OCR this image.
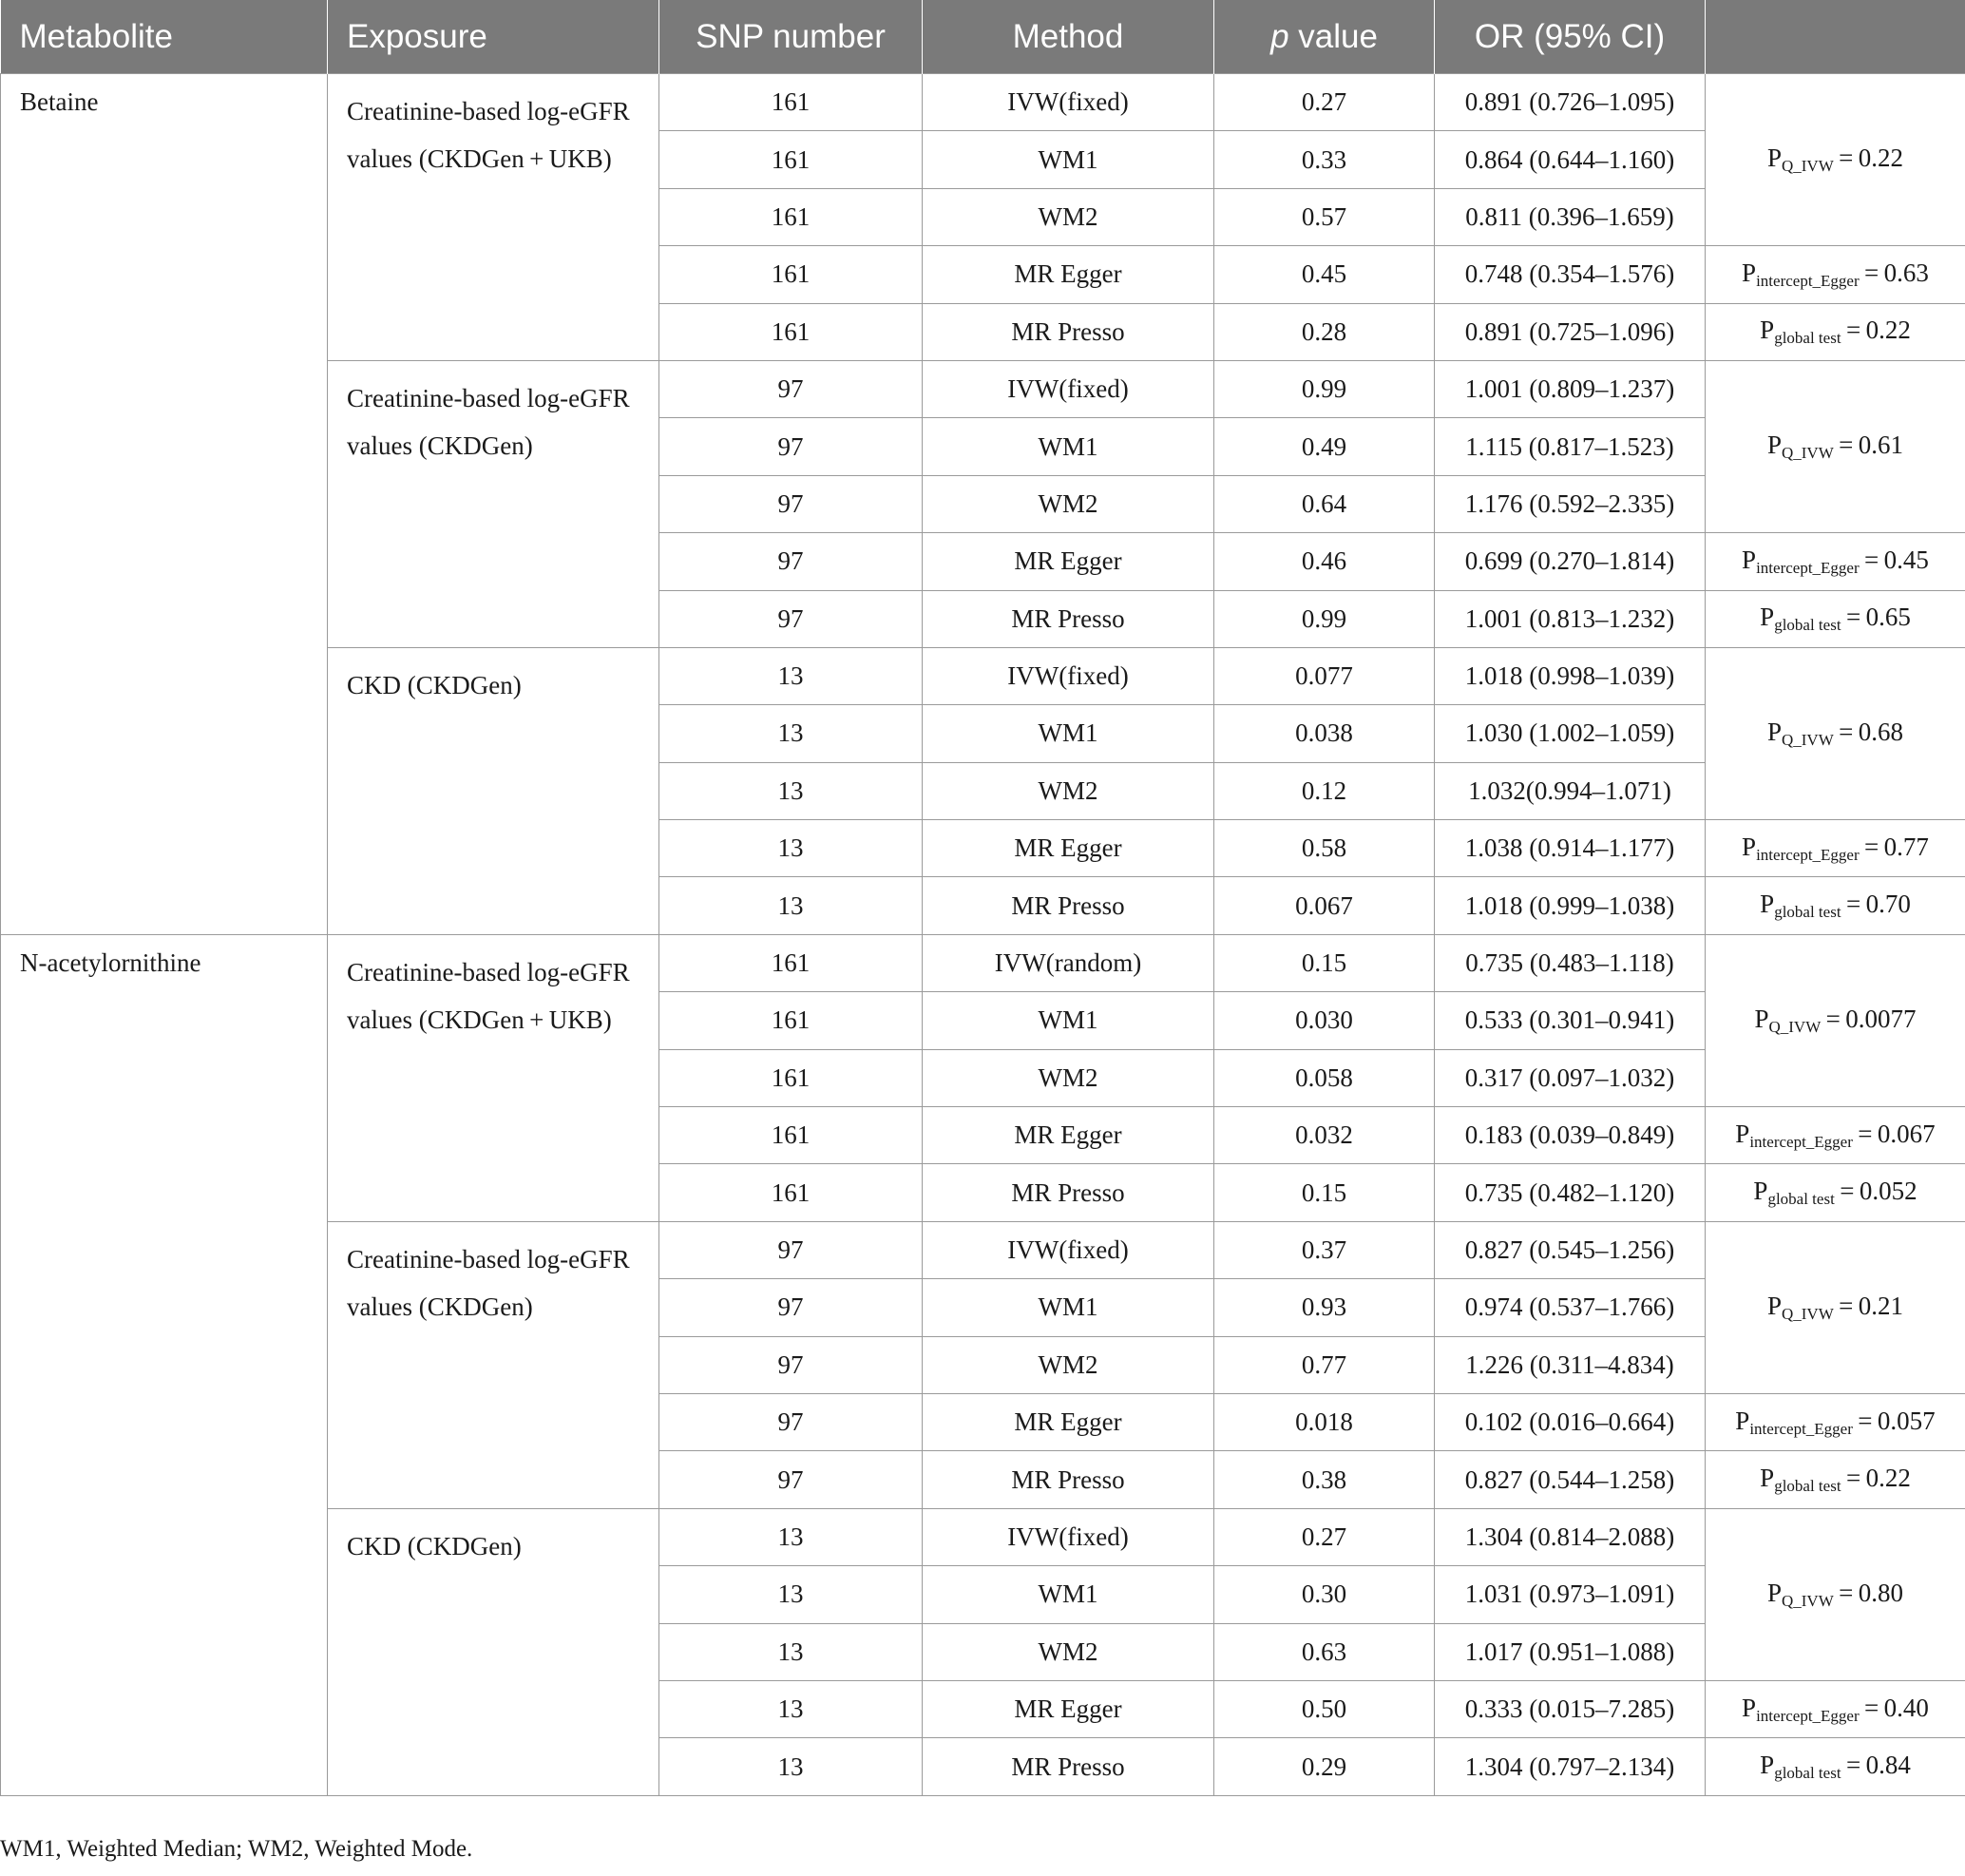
Metabolite	Exposure	SNP number	Method	p value	OR (95% CI)	
Betaine	Creatinine-based log-eGFR values (CKDGen + UKB)	161	IVW(fixed)	0.27	0.891 (0.726–1.095)	$P_{Q\_IVW} = 0.22$
		161	WM1	0.33	0.864 (0.644–1.160)	
		161	WM2	0.57	0.811 (0.396–1.659)	
		161	MR Egger	0.45	0.748 (0.354–1.576)	$P_{intercept\_Egger} = 0.63$
		161	MR Presso	0.28	0.891 (0.725–1.096)	$P_{global test} = 0.22$
	Creatinine-based log-eGFR values (CKDGen)	97	IVW(fixed)	0.99	1.001 (0.809–1.237)	$P_{Q\_IVW} = 0.61$
		97	WM1	0.49	1.115 (0.817–1.523)	
		97	WM2	0.64	1.176 (0.592–2.335)	
		97	MR Egger	0.46	0.699 (0.270–1.814)	$P_{intercept\_Egger} = 0.45$
		97	MR Presso	0.99	1.001 (0.813–1.232)	$P_{global test} = 0.65$
	CKD (CKDGen)	13	IVW(fixed)	0.077	1.018 (0.998–1.039)	$P_{Q\_IVW} = 0.68$
		13	WM1	0.038	1.030 (1.002–1.059)	
		13	WM2	0.12	1.032(0.994–1.071)	
		13	MR Egger	0.58	1.038 (0.914–1.177)	$P_{intercept\_Egger} = 0.77$
		13	MR Presso	0.067	1.018 (0.999–1.038)	$P_{global test} = 0.70$
N-acetylornithine	Creatinine-based log-eGFR values (CKDGen + UKB)	161	IVW(random)	0.15	0.735 (0.483–1.118)	$P_{Q\_IVW} = 0.0077$
		161	WM1	0.030	0.533 (0.301–0.941)	
		161	WM2	0.058	0.317 (0.097–1.032)	
		161	MR Egger	0.032	0.183 (0.039–0.849)	$P_{intercept\_Egger} = 0.067$
		161	MR Presso	0.15	0.735 (0.482–1.120)	$P_{global test} = 0.052$
	Creatinine-based log-eGFR values (CKDGen)	97	IVW(fixed)	0.37	0.827 (0.545–1.256)	$P_{Q\_IVW} = 0.21$
		97	WM1	0.93	0.974 (0.537–1.766)	
		97	WM2	0.77	1.226 (0.311–4.834)	
		97	MR Egger	0.018	0.102 (0.016–0.664)	$P_{intercept\_Egger} = 0.057$
		97	MR Presso	0.38	0.827 (0.544–1.258)	$P_{global test} = 0.22$
	CKD (CKDGen)	13	IVW(fixed)	0.27	1.304 (0.814–2.088)	$P_{Q\_IVW} = 0.80$
		13	WM1	0.30	1.031 (0.973–1.091)	
		13	WM2	0.63	1.017 (0.951–1.088)	
		13	MR Egger	0.50	0.333 (0.015–7.285)	$P_{intercept\_Egger} = 0.40$
		13	MR Presso	0.29	1.304 (0.797–2.134)	$P_{global test} = 0.84$
WM1, Weighted Median; WM2, Weighted Mode.
